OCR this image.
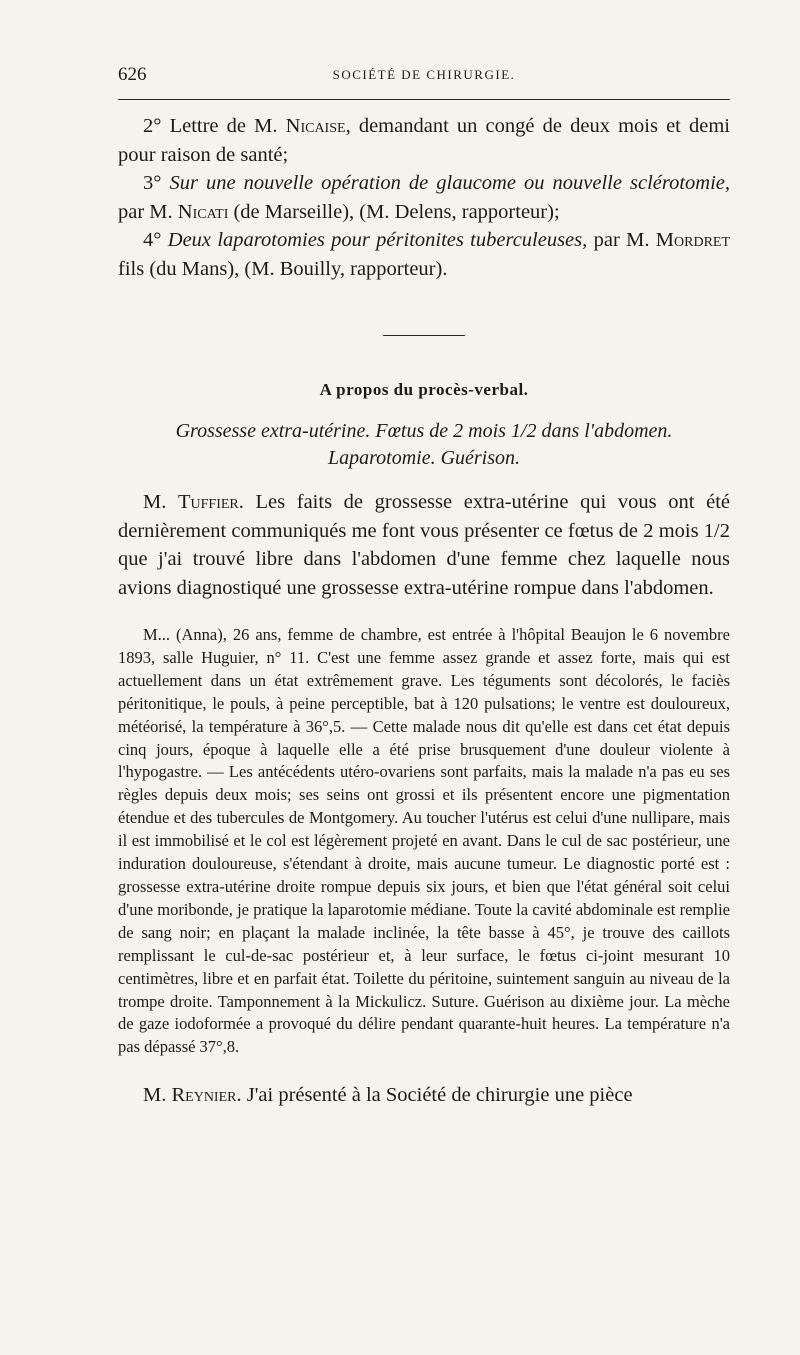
626	SOCIÉTÉ DE CHIRURGIE.

2° Lettre de M. Nicaise, demandant un congé de deux mois et demi pour raison de santé;

3° Sur une nouvelle opération de glaucome ou nouvelle sclérotomie, par M. Nicati (de Marseille), (M. Delens, rapporteur);

4° Deux laparotomies pour péritonites tuberculeuses, par M. Mordret fils (du Mans), (M. Bouilly, rapporteur).

A propos du procès-verbal.
Grossesse extra-utérine. Fœtus de 2 mois 1/2 dans l'abdomen.
Laparotomie. Guérison.

M. Tuffier. Les faits de grossesse extra-utérine qui vous ont été dernièrement communiqués me font vous présenter ce fœtus de 2 mois 1/2 que j'ai trouvé libre dans l'abdomen d'une femme chez laquelle nous avions diagnostiqué une grossesse extra-utérine rompue dans l'abdomen.

M... (Anna), 26 ans, femme de chambre, est entrée à l'hôpital Beaujon le 6 novembre 1893, salle Huguier, n° 11. C'est une femme assez grande et assez forte, mais qui est actuellement dans un état extrêmement grave. Les téguments sont décolorés, le faciès péritonitique, le pouls, à peine perceptible, bat à 120 pulsations; le ventre est douloureux, météorisé, la température à 36°,5. — Cette malade nous dit qu'elle est dans cet état depuis cinq jours, époque à laquelle elle a été prise brusquement d'une douleur violente à l'hypogastre. — Les antécédents utéro-ovariens sont parfaits, mais la malade n'a pas eu ses règles depuis deux mois; ses seins ont grossi et ils présentent encore une pigmentation étendue et des tubercules de Montgomery. Au toucher l'utérus est celui d'une nullipare, mais il est immobilisé et le col est légèrement projeté en avant. Dans le cul de sac postérieur, une induration douloureuse, s'étendant à droite, mais aucune tumeur. Le diagnostic porté est : grossesse extra-utérine droite rompue depuis six jours, et bien que l'état général soit celui d'une moribonde, je pratique la laparotomie médiane. Toute la cavité abdominale est remplie de sang noir; en plaçant la malade inclinée, la tête basse à 45°, je trouve des caillots remplissant le cul-de-sac postérieur et, à leur surface, le fœtus ci-joint mesurant 10 centimètres, libre et en parfait état. Toilette du péritoine, suintement sanguin au niveau de la trompe droite. Tamponnement à la Mickulicz. Suture. Guérison au dixième jour. La mèche de gaze iodoformée a provoqué du délire pendant quarante-huit heures. La température n'a pas dépassé 37°,8.

M. Reynier. J'ai présenté à la Société de chirurgie une pièce
